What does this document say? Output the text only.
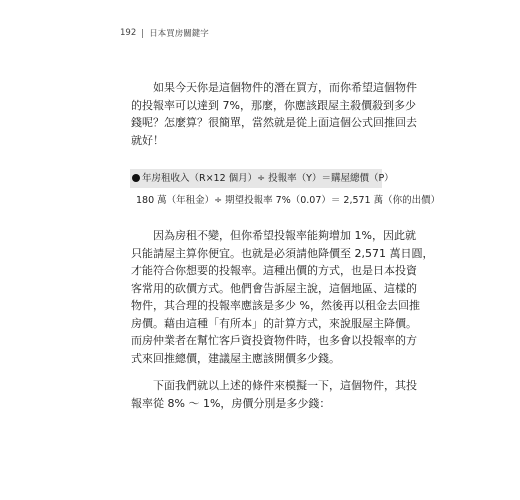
192 日本買房關鍵字
　　如果今天你是這個物件的潛在買方，而你希望這個物件
的投報率可以達到 7%，那麼，你應該跟屋主殺價殺到多少
錢呢？怎麼算？很簡單，當然就是從上面這個公式回推回去
就好！
年房租收入（R×12 個月）÷ 投報率（Y）＝購屋總價（P）
180 萬（年租金）÷ 期望投報率 7%（0.07）＝ 2,571 萬（你的出價）
　　因為房租不變，但你希望投報率能夠增加 1%，因此就
只能請屋主算你便宜。也就是必須請他降價至 2,571 萬日圓，
才能符合你想要的投報率。這種出價的方式，也是日本投資
客常用的砍價方式。他們會告訴屋主說，這個地區、這樣的
物件，其合理的投報率應該是多少 %，然後再以租金去回推
房價。藉由這種「有所本」的計算方式，來說服屋主降價。
而房仲業者在幫忙客戶資投資物件時，也多會以投報率的方
式來回推總價，建議屋主應該開價多少錢。
　　下面我們就以上述的條件來模擬一下，這個物件，其投
報率從 8% ～ 1%，房價分別是多少錢：
